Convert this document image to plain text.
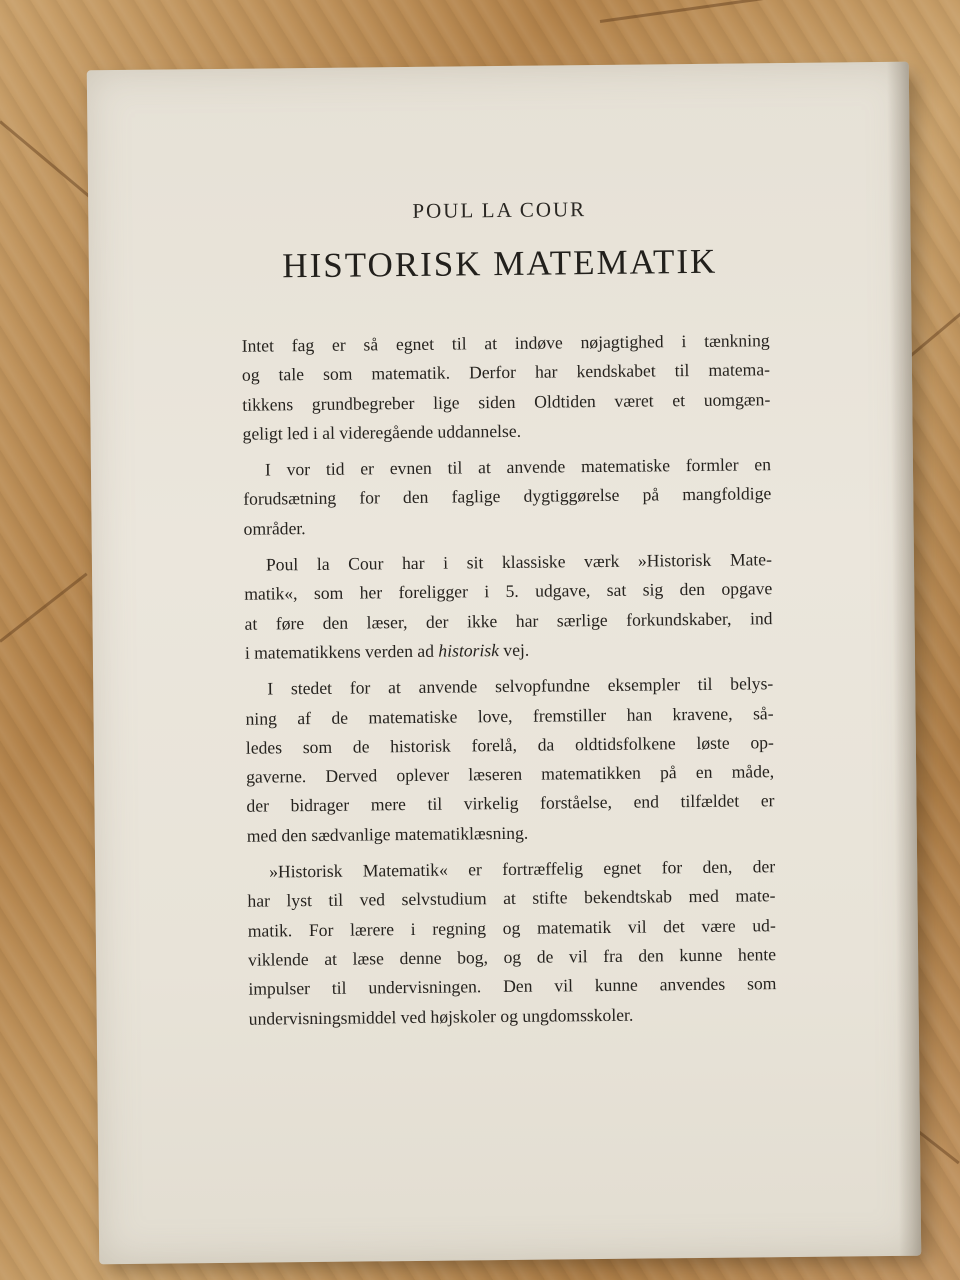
POUL LA COUR
HISTORISK MATEMATIK
Intet fag er så egnet til at indøve nøjagtighed i tænkning
og tale som matematik. Derfor har kendskabet til matema-
tikkens grundbegreber lige siden Oldtiden været et uomgæn-
geligt led i al videregående uddannelse.
I vor tid er evnen til at anvende matematiske formler en
forudsætning for den faglige dygtiggørelse på mangfoldige
områder.
Poul la Cour har i sit klassiske værk »Historisk Mate-
matik«, som her foreligger i 5. udgave, sat sig den opgave
at føre den læser, der ikke har særlige forkundskaber, ind
i matematikkens verden ad historisk vej.
I stedet for at anvende selvopfundne eksempler til belys-
ning af de matematiske love, fremstiller han kravene, så-
ledes som de historisk forelå, da oldtidsfolkene løste op-
gaverne. Derved oplever læseren matematikken på en måde,
der bidrager mere til virkelig forståelse, end tilfældet er
med den sædvanlige matematiklæsning.
»Historisk Matematik« er fortræffelig egnet for den, der
har lyst til ved selvstudium at stifte bekendtskab med mate-
matik. For lærere i regning og matematik vil det være ud-
viklende at læse denne bog, og de vil fra den kunne hente
impulser til undervisningen. Den vil kunne anvendes som
undervisningsmiddel ved højskoler og ungdomsskoler.
